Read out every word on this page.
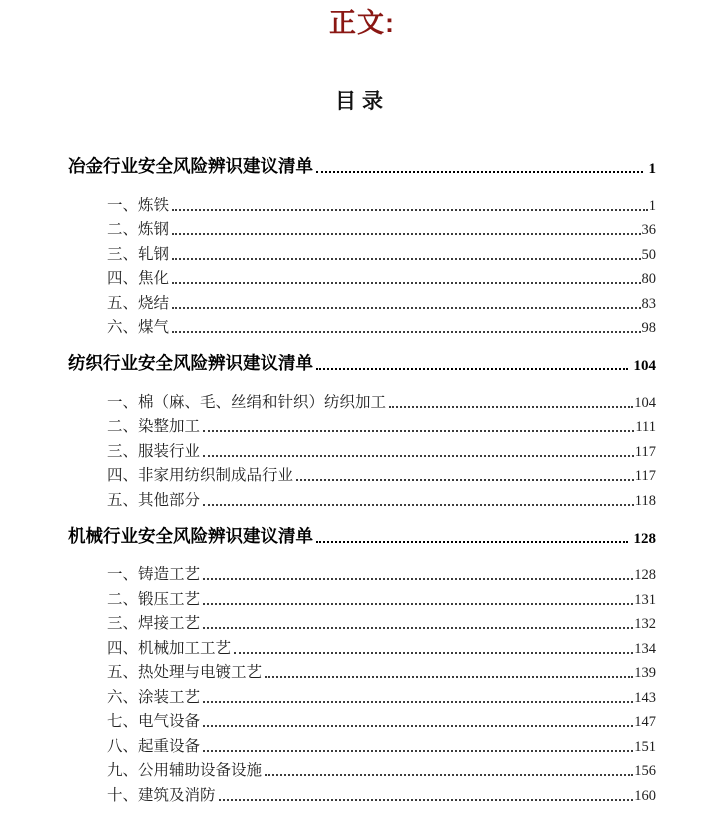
正文:
目录
冶金行业安全风险辨识建议清单	1
一、炼铁	1
二、炼钢	36
三、轧钢	50
四、焦化	80
五、烧结	83
六、煤气	98
纺织行业安全风险辨识建议清单	104
一、棉（麻、毛、丝绢和针织）纺织加工	104
二、染整加工	111
三、服装行业	117
四、非家用纺织制成品行业	117
五、其他部分	118
机械行业安全风险辨识建议清单	128
一、铸造工艺	128
二、锻压工艺	131
三、焊接工艺	132
四、机械加工工艺	134
五、热处理与电镀工艺	139
六、涂装工艺	143
七、电气设备	147
八、起重设备	151
九、公用辅助设备设施	156
十、建筑及消防	160
